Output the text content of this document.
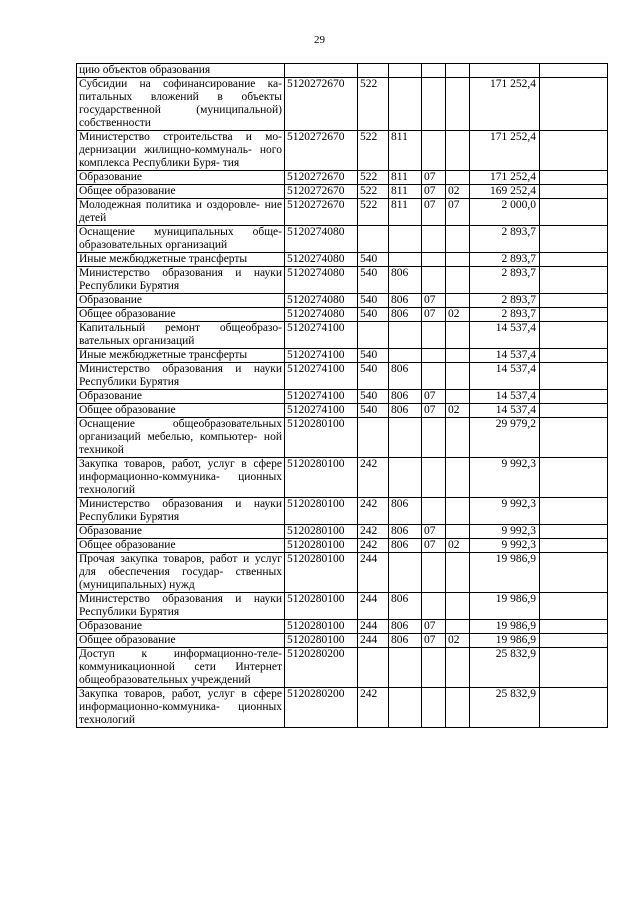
29
цию объектов образования							
Субсидии на софинансирование ка- питальных вложений в объекты государственной (муниципальной) собственности	5120272670	522				171 252,4	
Министерство строительства и мо- дернизации жилищно-коммуналь- ного комплекса Республики Буря- тия	5120272670	522	811			171 252,4	
Образование	5120272670	522	811	07		171 252,4	
Общее образование	5120272670	522	811	07	02	169 252,4	
Молодежная политика и оздоровле- ние детей	5120272670	522	811	07	07	2 000,0	
Оснащение муниципальных обще- образовательных организаций	5120274080					2 893,7	
Иные межбюджетные трансферты	5120274080	540				2 893,7	
Министерство образования и науки Республики Бурятия	5120274080	540	806			2 893,7	
Образование	5120274080	540	806	07		2 893,7	
Общее образование	5120274080	540	806	07	02	2 893,7	
Капитальный ремонт общеобразо- вательных организаций	5120274100					14 537,4	
Иные межбюджетные трансферты	5120274100	540				14 537,4	
Министерство образования и науки Республики Бурятия	5120274100	540	806			14 537,4	
Образование	5120274100	540	806	07		14 537,4	
Общее образование	5120274100	540	806	07	02	14 537,4	
Оснащение общеобразовательных организаций мебелью, компьютер- ной техникой	5120280100					29 979,2	
Закупка товаров, работ, услуг в сфере информационно-коммуника- ционных технологий	5120280100	242				9 992,3	
Министерство образования и науки Республики Бурятия	5120280100	242	806			9 992,3	
Образование	5120280100	242	806	07		9 992,3	
Общее образование	5120280100	242	806	07	02	9 992,3	
Прочая закупка товаров, работ и услуг для обеспечения государ- ственных (муниципальных) нужд	5120280100	244				19 986,9	
Министерство образования и науки Республики Бурятия	5120280100	244	806			19 986,9	
Образование	5120280100	244	806	07		19 986,9	
Общее образование	5120280100	244	806	07	02	19 986,9	
Доступ к информационно-теле- коммуникационной сети Интернет общеобразовательных учреждений	5120280200					25 832,9	
Закупка товаров, работ, услуг в сфере информационно-коммуника- ционных технологий	5120280200	242				25 832,9	
